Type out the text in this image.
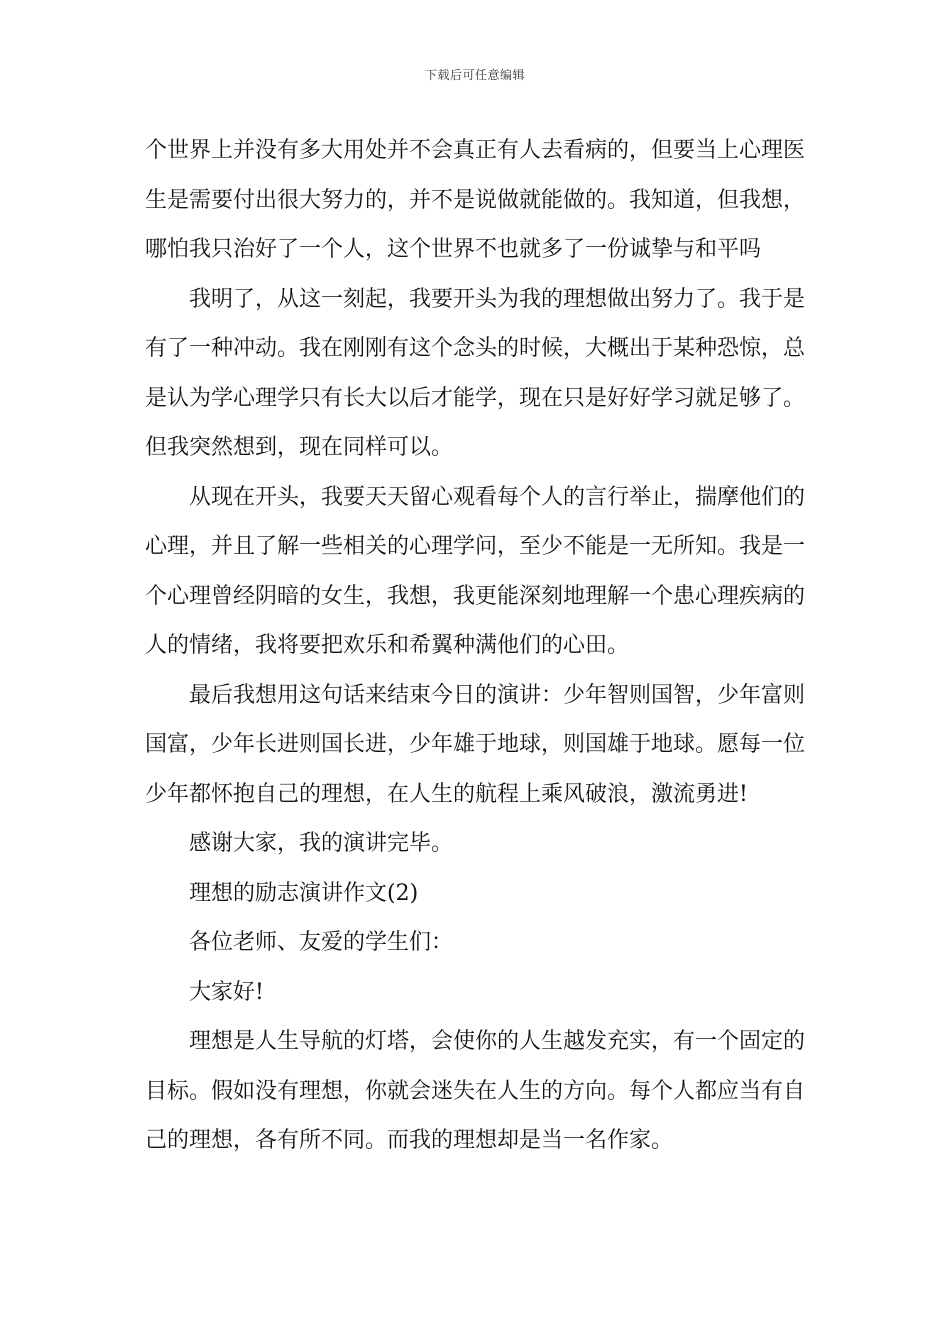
下载后可任意编辑

个世界上并没有多大用处并不会真正有人去看病的，但要当上心理医生是需要付出很大努力的，并不是说做就能做的。我知道，但我想，哪怕我只治好了一个人，这个世界不也就多了一份诚挚与和平吗

我明了，从这一刻起，我要开头为我的理想做出努力了。我于是有了一种冲动。我在刚刚有这个念头的时候，大概出于某种恐惊，总是认为学心理学只有长大以后才能学，现在只是好好学习就足够了。但我突然想到，现在同样可以。

从现在开头，我要天天留心观看每个人的言行举止，揣摩他们的心理，并且了解一些相关的心理学问，至少不能是一无所知。我是一个心理曾经阴暗的女生，我想，我更能深刻地理解一个患心理疾病的人的情绪，我将要把欢乐和希翼种满他们的心田。

最后我想用这句话来结束今日的演讲：少年智则国智，少年富则国富，少年长进则国长进，少年雄于地球，则国雄于地球。愿每一位少年都怀抱自己的理想，在人生的航程上乘风破浪，激流勇进!

感谢大家，我的演讲完毕。

理想的励志演讲作文(2)

各位老师、友爱的学生们：

大家好!

理想是人生导航的灯塔，会使你的人生越发充实，有一个固定的目标。假如没有理想，你就会迷失在人生的方向。每个人都应当有自己的理想，各有所不同。而我的理想却是当一名作家。
